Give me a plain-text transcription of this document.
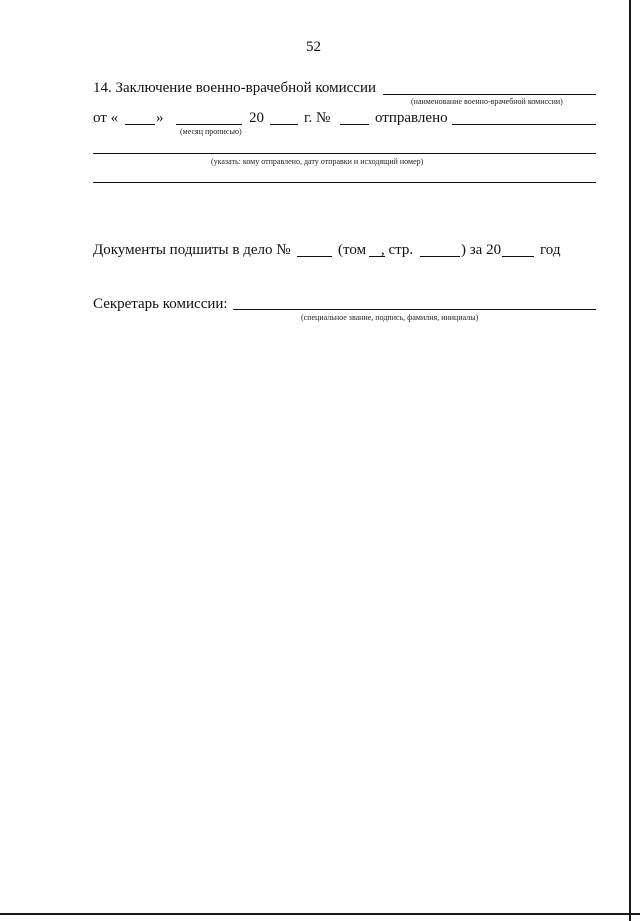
52
14. Заключение военно-врачебной комиссии
(наименование военно-врачебной комиссии)
от «	»	20	г. №	отправлено
(месяц прописью)
(указать: кому отправлено, дату отправки и исходящий номер)
Документы подшиты в дело №	(том , стр.	) за 20	год
Секретарь комиссии:
(специальное звание, подпись, фамилия, инициалы)
